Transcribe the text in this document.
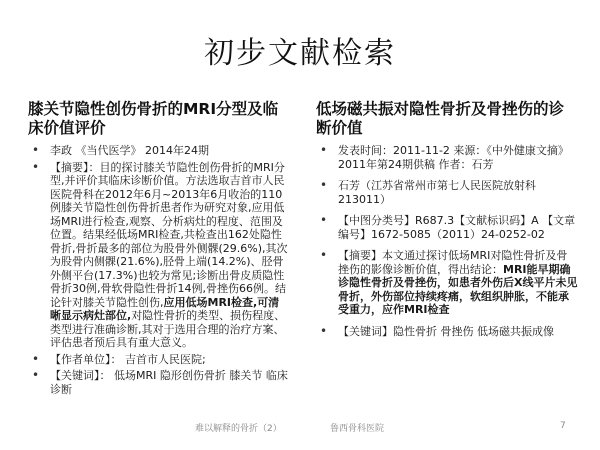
初步文献检索
膝关节隐性创伤骨折的MRI分型及临床价值评价
• 李政 《当代医学》 2014年24期
• 【摘要】：目的探讨膝关节隐性创伤骨折的MRI分型,并评价其临床诊断价值。方法选取吉首市人民医院骨科在2012年6月~2013年6月收治的110例膝关节隐性创伤骨折患者作为研究对象,应用低场MRI进行检查,观察、分析病灶的程度、范围及位置。结果经低场MRI检查,共检查出162处隐性骨折,骨折最多的部位为股骨外侧髁(29.6%),其次为股骨内侧髁(21.6%),胫骨上端(14.2%)、胫骨外侧平台(17.3%)也较为常见;诊断出骨皮质隐性骨折30例,骨软骨隐性骨折14例,骨挫伤66例。结论针对膝关节隐性创伤,应用低场MRI检查,可清晰显示病灶部位,对隐性骨折的类型、损伤程度、类型进行准确诊断,其对于选用合理的治疗方案、评估患者预后具有重大意义。
• 【作者单位】： 吉首市人民医院;
• 【关键词】： 低场MRI 隐形创伤骨折 膝关节 临床诊断
低场磁共振对隐性骨折及骨挫伤的诊断价值
• 发表时间：2011-11-2 来源：《中外健康文摘》2011年第24期供稿 作者：石芳
• 石芳（江苏省常州市第七人民医院放射科 213011）
• 【中图分类号】R687.3【文献标识码】A 【文章编号】1672-5085（2011）24-0252-02
• 【摘要】本文通过探讨低场MRI对隐性骨折及骨挫伤的影像诊断价值，得出结论：MRI能早期确诊隐性骨折及骨挫伤，如患者外伤后X线平片未见骨折，外伤部位持续疼痛，软组织肿胀，不能承受重力，应作MRI检查
• 【关键词】隐性骨折 骨挫伤 低场磁共振成像
难以解释的骨折（2）	鲁西骨科医院	7
